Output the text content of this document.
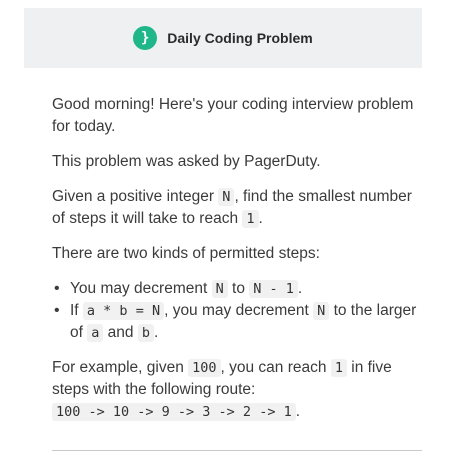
}	Daily Coding Problem

Good morning! Here's your coding interview problem for today.

This problem was asked by PagerDuty.

Given a positive integer N , find the smallest number of steps it will take to reach 1 .

There are two kinds of permitted steps:

• You may decrement N to N - 1 .
• If a * b = N , you may decrement N to the larger of a and b .

For example, given 100 , you can reach 1 in five steps with the following route:
100 -> 10 -> 9 -> 3 -> 2 -> 1 .
